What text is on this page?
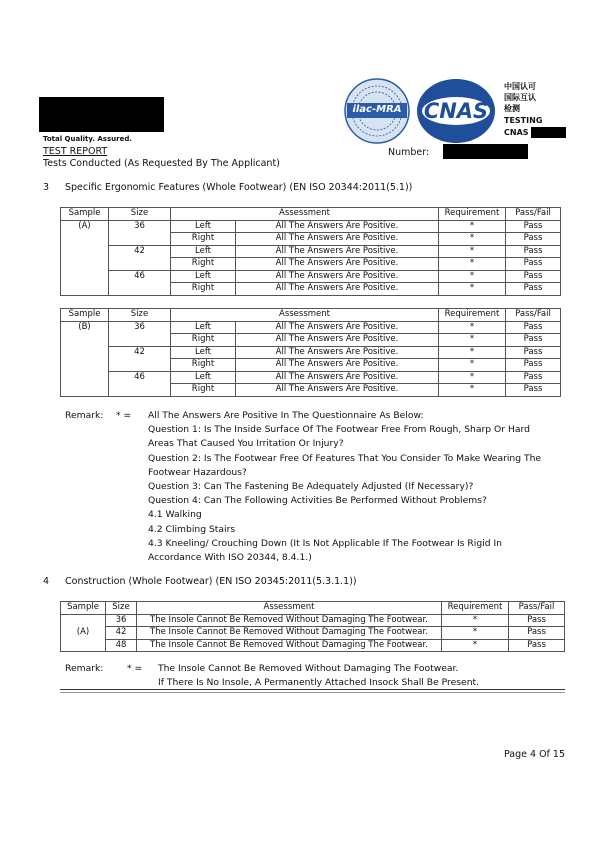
Total Quality. Assured.
ilac-MRA	CNAS
中国认可
国际互认
检测
TESTING
CNAS
TEST REPORT	Number:
Tests Conducted (As Requested By The Applicant)
3 Specific Ergonomic Features (Whole Footwear) (EN ISO 20344:2011(5.1))
Sample	Size	Assessment		Requirement	Pass/Fail
(A)	36	Left	All The Answers Are Positive.	*	Pass
		Right	All The Answers Are Positive.	*	Pass
	42	Left	All The Answers Are Positive.	*	Pass
		Right	All The Answers Are Positive.	*	Pass
	46	Left	All The Answers Are Positive.	*	Pass
		Right	All The Answers Are Positive.	*	Pass
Sample	Size	Assessment		Requirement	Pass/Fail
(B)	36	Left	All The Answers Are Positive.	*	Pass
		Right	All The Answers Are Positive.	*	Pass
	42	Left	All The Answers Are Positive.	*	Pass
		Right	All The Answers Are Positive.	*	Pass
	46	Left	All The Answers Are Positive.	*	Pass
		Right	All The Answers Are Positive.	*	Pass
Remark: * = All The Answers Are Positive In The Questionnaire As Below:
Question 1: Is The Inside Surface Of The Footwear Free From Rough, Sharp Or Hard
Areas That Caused You Irritation Or Injury?
Question 2: Is The Footwear Free Of Features That You Consider To Make Wearing The
Footwear Hazardous?
Question 3: Can The Fastening Be Adequately Adjusted (If Necessary)?
Question 4: Can The Following Activities Be Performed Without Problems?
4.1 Walking
4.2 Climbing Stairs
4.3 Kneeling/ Crouching Down (It Is Not Applicable If The Footwear Is Rigid In
Accordance With ISO 20344, 8.4.1.)
4 Construction (Whole Footwear) (EN ISO 20345:2011(5.3.1.1))
Sample	Size	Assessment	Requirement	Pass/Fail
(A)	36	The Insole Cannot Be Removed Without Damaging The Footwear.	*	Pass
	42	The Insole Cannot Be Removed Without Damaging The Footwear.	*	Pass
	48	The Insole Cannot Be Removed Without Damaging The Footwear.	*	Pass
Remark:	* = The Insole Cannot Be Removed Without Damaging The Footwear.
If There Is No Insole, A Permanently Attached Insock Shall Be Present.
Page 4 Of 15
